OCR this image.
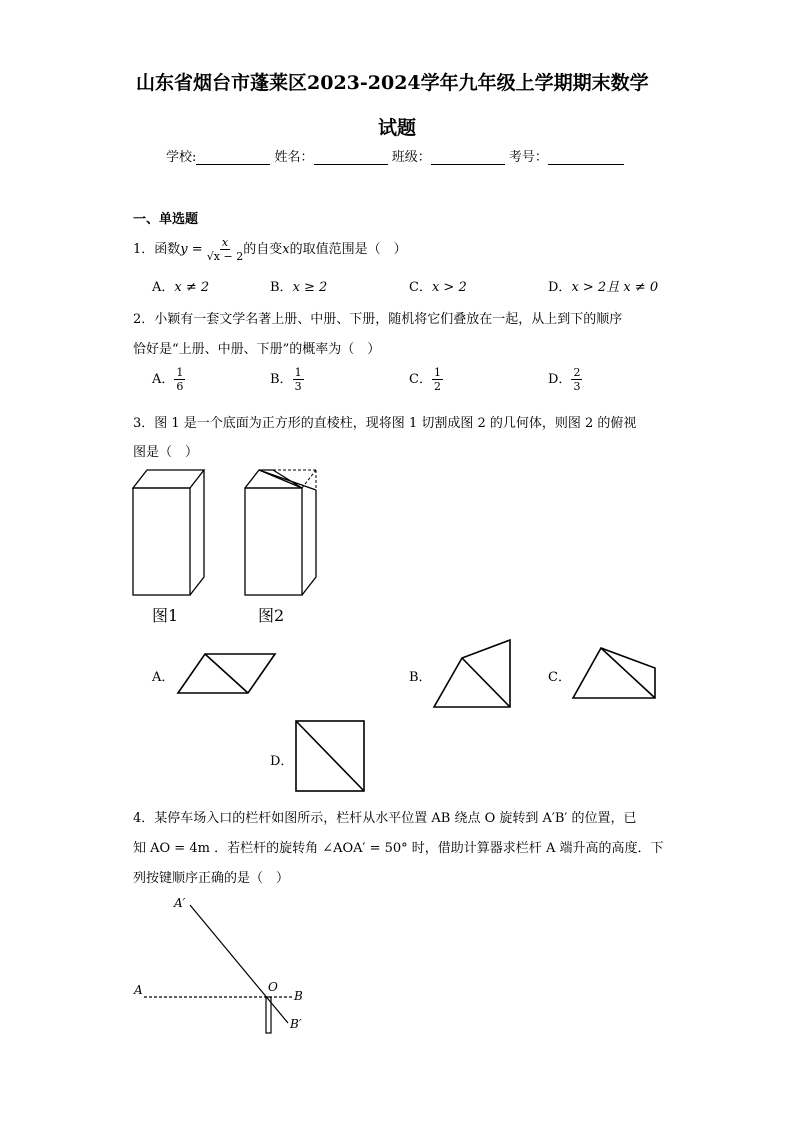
山东省烟台市蓬莱区2023-2024学年九年级上学期期末数学
试题
学校:	姓名：	班级：	考号：
一、单选题
1．函数$y = \frac{x}{√x - 2}$ 的自变x的取值范围是（　）
A．x ≠ 2	B．x ≥ 2	C．x > 2	D．x > 2且 x ≠ 0
2．小颖有一套文学名著上册、中册、下册，随机将它们叠放在一起，从上到下的顺序
恰好是“上册、中册、下册”的概率为（　）
A． $\frac{1}{6}$	B． $\frac{1}{3}$	C． $\frac{1}{2}$	D． $\frac{2}{3}$
3．图 1 是一个底面为正方形的直棱柱，现将图 1 切割成图 2 的几何体，则图 2 的俯视
图是（　）
图1	图2
A．	B．	C．
D．
4．某停车场入口的栏杆如图所示，栏杆从水平位置 AB 绕点 O 旋转到 A′B′ 的位置，已
知 AO = 4m ．若栏杆的旋转角 ∠AOA′ = 50° 时，借助计算器求栏杆 A 端升高的高度．下
列按键顺序正确的是（　）
A′
A	O
B
B′
